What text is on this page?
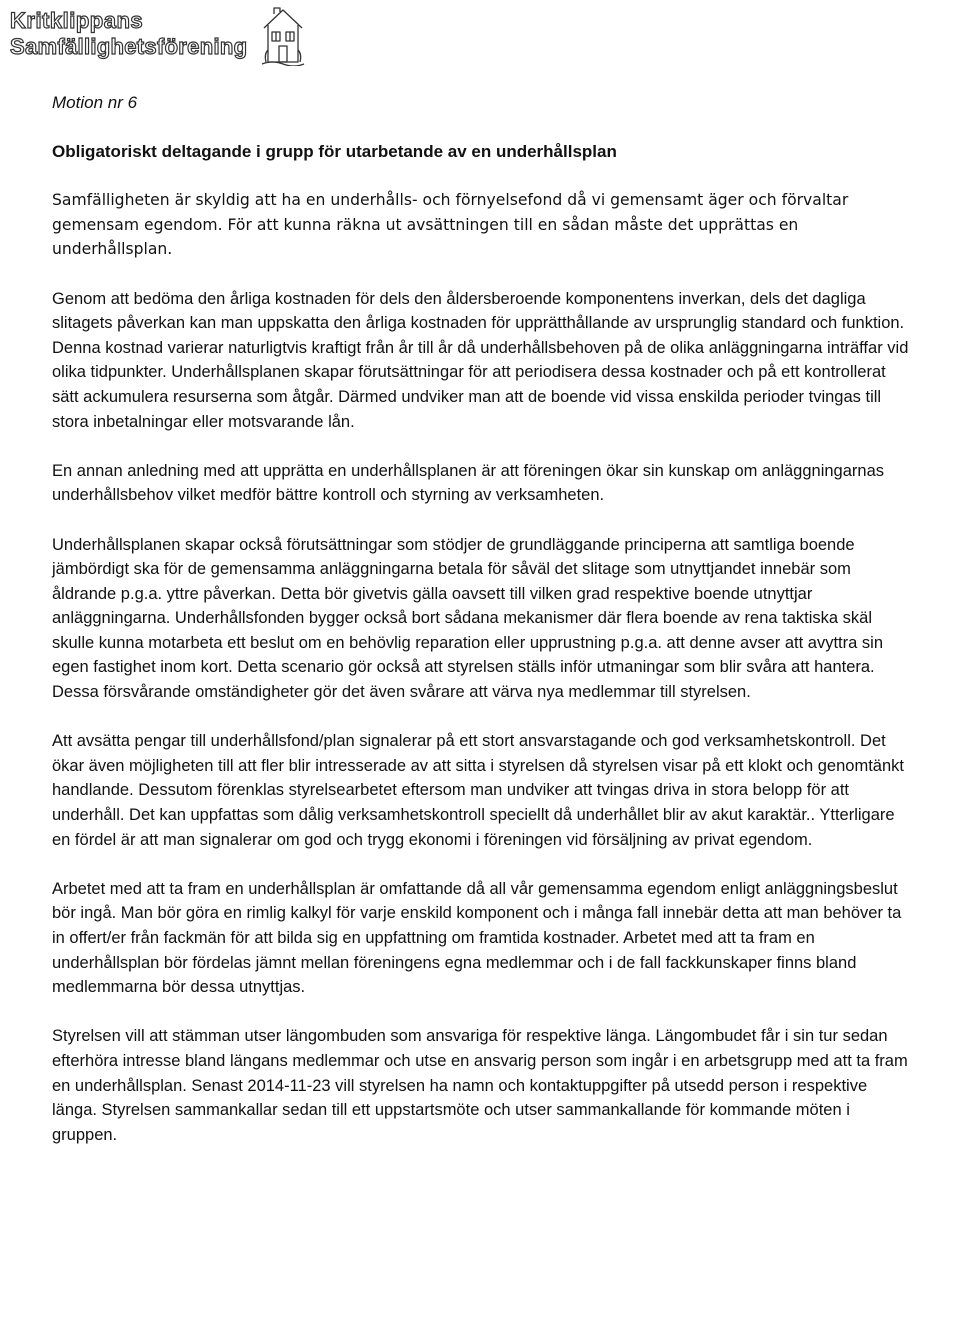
Kritklippans
Samfällighetsförening

Motion nr 6

Obligatoriskt deltagande i grupp för utarbetande av en underhållsplan

Samfälligheten är skyldig att ha en underhålls- och förnyelsefond då vi gemensamt äger och förvaltar gemensam egendom. För att kunna räkna ut avsättningen till en sådan måste det upprättas en underhållsplan.

Genom att bedöma den årliga kostnaden för dels den åldersberoende komponentens inverkan, dels det dagliga slitagets påverkan kan man uppskatta den årliga kostnaden för upprätthållande av ursprunglig standard och funktion. Denna kostnad varierar naturligtvis kraftigt från år till år då underhållsbehoven på de olika anläggningarna inträffar vid olika tidpunkter. Underhållsplanen skapar förutsättningar för att periodisera dessa kostnader och på ett kontrollerat sätt ackumulera resurserna som åtgår. Därmed undviker man att de boende vid vissa enskilda perioder tvingas till stora inbetalningar eller motsvarande lån.

En annan anledning med att upprätta en underhållsplanen är att föreningen ökar sin kunskap om anläggningarnas underhållsbehov vilket medför bättre kontroll och styrning av verksamheten.

Underhållsplanen skapar också förutsättningar som stödjer de grundläggande principerna att samtliga boende jämbördigt ska för de gemensamma anläggningarna betala för såväl det slitage som utnyttjandet innebär som åldrande p.g.a. yttre påverkan. Detta bör givetvis gälla oavsett till vilken grad respektive boende utnyttjar anläggningarna. Underhållsfonden bygger också bort sådana mekanismer där flera boende av rena taktiska skäl skulle kunna motarbeta ett beslut om en behövlig reparation eller upprustning p.g.a. att denne avser att avyttra sin egen fastighet inom kort. Detta scenario gör också att styrelsen ställs inför utmaningar som blir svåra att hantera. Dessa försvårande omständigheter gör det även svårare att värva nya medlemmar till styrelsen.

Att avsätta pengar till underhållsfond/plan signalerar på ett stort ansvarstagande och god verksamhetskontroll. Det ökar även möjligheten till att fler blir intresserade av att sitta i styrelsen då styrelsen visar på ett klokt och genomtänkt handlande. Dessutom förenklas styrelsearbetet eftersom man undviker att tvingas driva in stora belopp för att underhåll. Det kan uppfattas som dålig verksamhetskontroll speciellt då underhållet blir av akut karaktär.. Ytterligare en fördel är att man signalerar om god och trygg ekonomi i föreningen vid försäljning av privat egendom.

Arbetet med att ta fram en underhållsplan är omfattande då all vår gemensamma egendom enligt anläggningsbeslut bör ingå. Man bör göra en rimlig kalkyl för varje enskild komponent och i många fall innebär detta att man behöver ta in offert/er från fackmän för att bilda sig en uppfattning om framtida kostnader. Arbetet med att ta fram en underhållsplan bör fördelas jämnt mellan föreningens egna medlemmar och i de fall fackkunskaper finns bland medlemmarna bör dessa utnyttjas.

Styrelsen vill att stämman utser längombuden som ansvariga för respektive länga. Längombudet får i sin tur sedan efterhöra intresse bland längans medlemmar och utse en ansvarig person som ingår i en arbetsgrupp med att ta fram en underhållsplan. Senast 2014-11-23 vill styrelsen ha namn och kontaktuppgifter på utsedd person i respektive länga. Styrelsen sammankallar sedan till ett uppstartsmöte och utser sammankallande för kommande möten i gruppen.
